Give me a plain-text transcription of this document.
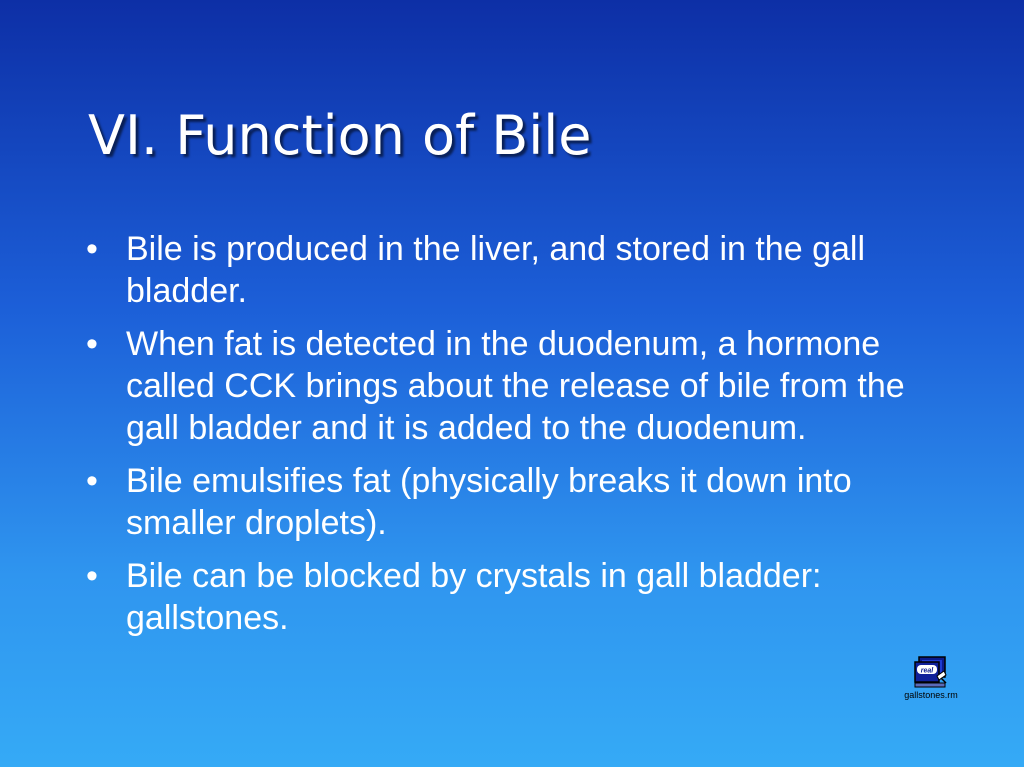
VI. Function of Bile
• Bile is produced in the liver, and stored in the gall bladder.
• When fat is detected in the duodenum, a hormone called CCK brings about the release of bile from the gall bladder and it is added to the duodenum.
• Bile emulsifies fat (physically breaks it down into smaller droplets).
• Bile can be blocked by crystals in gall bladder: gallstones.
real
gallstones.rm
